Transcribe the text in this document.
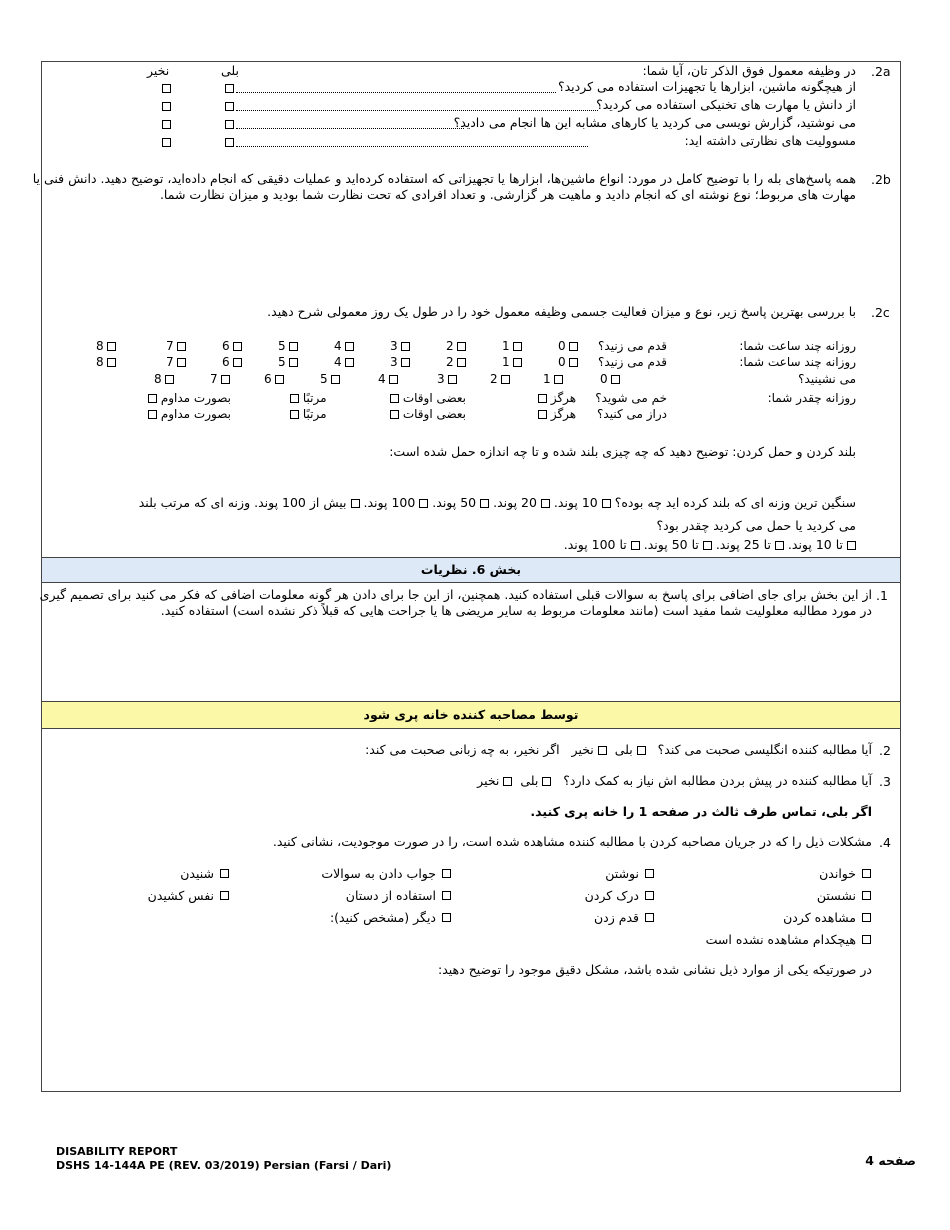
.2a
در وظیفه معمول فوق الذکر تان، آیا شما:
بلی
نخیر
از هیچگونه ماشین، ابزارها یا تجهیزات استفاده می کردید؟
از دانش یا مهارت های تخنیکی استفاده می کردید؟
می نوشتید، گزارش نویسی می کردید یا کارهای مشابه این ها انجام می دادید؟
مسوولیت های نظارتی داشته اید:
.2b
همه پاسخ‌های بله را با توضیح کامل در مورد: انواع ماشین‌ها، ابزارها یا تجهیزاتی که استفاده کرده‌اید و عملیات دقیقی که انجام داده‌اید، توضیح دهید. دانش فنی یا
مهارت های مربوط؛ نوع نوشته ای که انجام دادید و ماهیت هر گزارشی. و تعداد افرادی که تحت نظارت شما بودید و میزان نظارت شما.
.2c
با بررسی بهترین پاسخ زیر، نوع و میزان فعالیت جسمی وظیفه معمول خود را در طول یک روز معمولی شرح دهید.
روزانه چند ساعت شما:
قدم می زنید؟
روزانه چند ساعت شما:
قدم می زنید؟
می نشینید؟
روزانه چقدر شما:
خم می شوید؟
دراز می کنید؟
بلند کردن و حمل کردن: توضیح دهید که چه چیزی بلند شده و تا چه اندازه حمل شده است:
سنگین ترین وزنه ای که بلند کرده اید چه بوده؟  10 پوند.  20 پوند.  50 پوند.  100 پوند.  بیش از 100 پوند. وزنه ای که مرتب بلند
می کردید یا حمل می کردید چقدر بود؟
تا 10 پوند.  تا 25 پوند.  تا 50 پوند.  تا 100 پوند.
بخش 6. نظریات
.1
از این بخش برای جای اضافی برای پاسخ به سوالات قبلی استفاده کنید. همچنین، از این جا برای دادن هر گونه معلومات اضافی که فکر می کنید برای تصمیم گیری
در مورد مطالبه معلولیت شما مفید است (مانند معلومات مربوط به سایر مریضی ها یا جراحت هایی که قبلاً ذکر نشده است) استفاده کنید.
توسط مصاحبه کننده خانه پری شود
.2
آیا مطالبه کننده انگلیسی صحبت می کند؟    بلی   نخیر   اگر نخیر، به چه زبانی صحبت می کند:
.3
آیا مطالبه کننده در پیش بردن مطالبه اش نیاز به کمک دارد؟    بلی   نخیر
اگر بلی، تماس طرف ثالث در صفحه 1 را خانه پری کنید.
.4
مشکلات ذیل را که در جریان مصاحبه کردن با مطالبه کننده مشاهده شده است، را در صورت موجودیت، نشانی کنید.
در صورتیکه یکی از موارد ذیل نشانی شده باشد، مشکل دقیق موجود را توضیح دهید:
DISABILITY REPORT
DSHS 14-144A PE (REV. 03/2019) Persian (Farsi / Dari)	صفحه 4
0
1
2
3
4
5
6
7
8
0
1
2
3
4
5
6
7
8
0
1
2
3
4
5
6
7
8
هرگز
بعضی اوقات
مرتبًا
بصورت مداوم
هرگز
بعضی اوقات
مرتبًا
بصورت مداوم
خواندن
نشستن
مشاهده کردن
هیچکدام مشاهده نشده است
نوشتن
درک کردن
قدم زدن
جواب دادن به سوالات
استفاده از دستان
دیگر (مشخص کنید):
شنیدن
نفس کشیدن
